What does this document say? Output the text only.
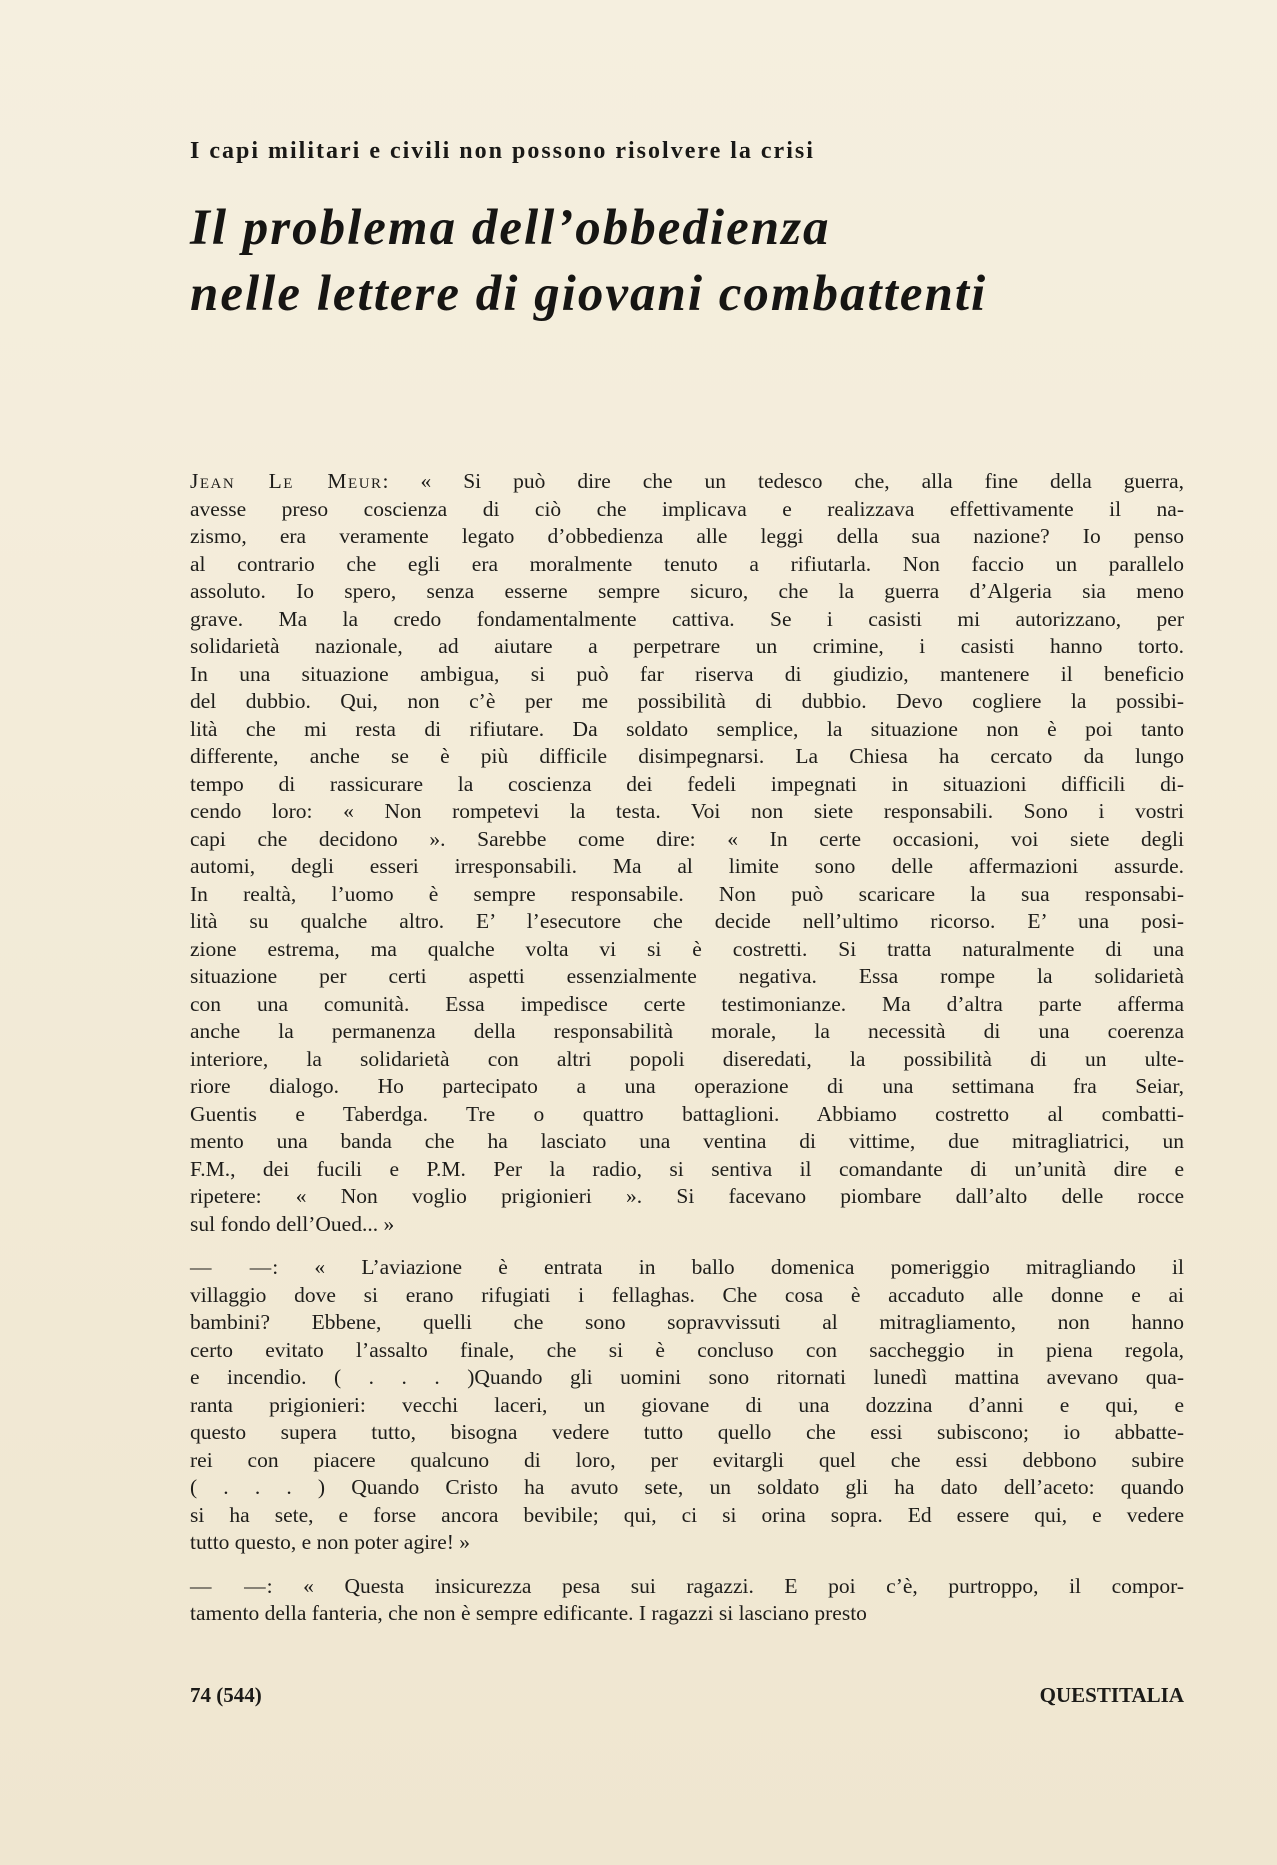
I capi militari e civili non possono risolvere la crisi
Il problema dell’obbedienza
nelle lettere di giovani combattenti
Jean Le Meur: « Si può dire che un tedesco che, alla fine della guerra,
avesse preso coscienza di ciò che implicava e realizzava effettivamente il na-
zismo, era veramente legato d’obbedienza alle leggi della sua nazione? Io penso
al contrario che egli era moralmente tenuto a rifiutarla. Non faccio un parallelo
assoluto. Io spero, senza esserne sempre sicuro, che la guerra d’Algeria sia meno
grave. Ma la credo fondamentalmente cattiva. Se i casisti mi autorizzano, per
solidarietà nazionale, ad aiutare a perpetrare un crimine, i casisti hanno torto.
In una situazione ambigua, si può far riserva di giudizio, mantenere il beneficio
del dubbio. Qui, non c’è per me possibilità di dubbio. Devo cogliere la possibi-
lità che mi resta di rifiutare. Da soldato semplice, la situazione non è poi tanto
differente, anche se è più difficile disimpegnarsi. La Chiesa ha cercato da lungo
tempo di rassicurare la coscienza dei fedeli impegnati in situazioni difficili di-
cendo loro: « Non rompetevi la testa. Voi non siete responsabili. Sono i vostri
capi che decidono ». Sarebbe come dire: « In certe occasioni, voi siete degli
automi, degli esseri irresponsabili. Ma al limite sono delle affermazioni assurde.
In realtà, l’uomo è sempre responsabile. Non può scaricare la sua responsabi-
lità su qualche altro. E’ l’esecutore che decide nell’ultimo ricorso. E’ una posi-
zione estrema, ma qualche volta vi si è costretti. Si tratta naturalmente di una
situazione per certi aspetti essenzialmente negativa. Essa rompe la solidarietà
con una comunità. Essa impedisce certe testimonianze. Ma d’altra parte afferma
anche la permanenza della responsabilità morale, la necessità di una coerenza
interiore, la solidarietà con altri popoli diseredati, la possibilità di un ulte-
riore dialogo. Ho partecipato a una operazione di una settimana fra Seiar,
Guentis e Taberdga. Tre o quattro battaglioni. Abbiamo costretto al combatti-
mento una banda che ha lasciato una ventina di vittime, due mitragliatrici, un
F.M., dei fucili e P.M. Per la radio, si sentiva il comandante di un’unità dire e
ripetere: « Non voglio prigionieri ». Si facevano piombare dall’alto delle rocce
sul fondo dell’Oued... »
— —: « L’aviazione è entrata in ballo domenica pomeriggio mitragliando il
villaggio dove si erano rifugiati i fellaghas. Che cosa è accaduto alle donne e ai
bambini? Ebbene, quelli che sono sopravvissuti al mitragliamento, non hanno
certo evitato l’assalto finale, che si è concluso con saccheggio in piena regola,
e incendio. ( . . . )Quando gli uomini sono ritornati lunedì mattina avevano qua-
ranta prigionieri: vecchi laceri, un giovane di una dozzina d’anni e qui, e
questo supera tutto, bisogna vedere tutto quello che essi subiscono; io abbatte-
rei con piacere qualcuno di loro, per evitargli quel che essi debbono subire
( . . . ) Quando Cristo ha avuto sete, un soldato gli ha dato dell’aceto: quando
si ha sete, e forse ancora bevibile; qui, ci si orina sopra. Ed essere qui, e vedere
tutto questo, e non poter agire! »
— —: « Questa insicurezza pesa sui ragazzi. E poi c’è, purtroppo, il compor-
tamento della fanteria, che non è sempre edificante. I ragazzi si lasciano presto
74 (544)	QUESTITALIA
